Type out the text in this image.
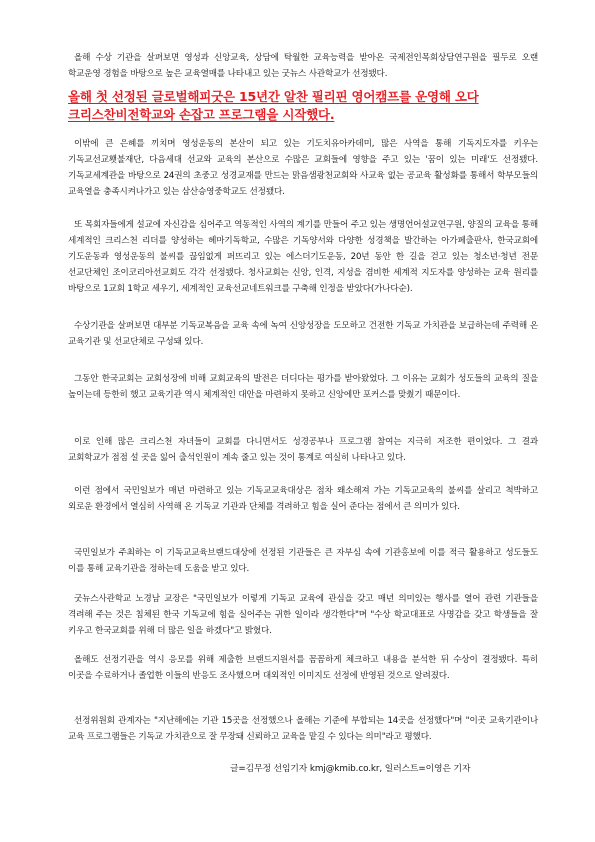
올해 수상 기관을 살펴보면 영성과 신앙교육, 상담에 탁월한 교육능력을 받아온 국제전인목회상담연구원을 필두로 오랜 학교운영 경험을 바탕으로 높은 교육열매를 나타내고 있는 굿뉴스 사관학교가 선정됐다.

올해 첫 선정된 글로벌해피굿은 15년간 알찬 필리핀 영어캠프를 운영해 오다 크리스찬비전학교와 손잡고 프로그램을 시작했다.

이밖에 큰 은혜를 끼치며 영성운동의 본산이 되고 있는 기도치유아카데미, 많은 사역을 통해 기독지도자를 키우는 기독교선교횃불재단, 다음세대 선교와 교육의 본산으로 수많은 교회들에 영향을 주고 있는 '꿈이 있는 미래'도 선정됐다. 기독교세계관을 바탕으로 24권의 초중고 성경교재를 만드는 맑음샘광천교회와 사교육 없는 공교육 활성화를 통해서 학부모들의 교육열을 충족시켜나가고 있는 삼산승영중학교도 선정됐다.

또 목회자들에게 설교에 자신감을 심어주고 역동적인 사역의 계기를 만들어 주고 있는 생명언어설교연구원, 양질의 교육을 통해 세계적인 크리스천 리더를 양성하는 헤마기독학교, 수많은 기독양서와 다양한 성경책을 발간하는 아가페출판사, 한국교회에 기도운동과 영성운동의 불씨를 끊임없게 퍼뜨리고 있는 에스더기도운동, 20년 동안 한 길을 걷고 있는 청소년·청년 전문 선교단체인 조이코리아선교회도 각각 선정됐다. 청사교회는 신앙, 인격, 지성을 겸비한 세계적 지도자를 양성하는 교육 원리를 바탕으로 1교회 1학교 세우기, 세계적인 교육선교네트워크를 구축해 인정을 받았다(가나다순).

수상기관을 살펴보면 대부분 기독교복음을 교육 속에 녹여 신앙성장을 도모하고 건전한 기독교 가치관을 보급하는데 주력해 온 교육기관 및 선교단체로 구성돼 있다.

그동안 한국교회는 교회성장에 비해 교회교육의 발전은 더디다는 평가를 받아왔었다. 그 이유는 교회가 성도들의 교육의 질을 높이는데 등한히 했고 교육기관 역시 체계적인 대안을 마련하지 못하고 신앙에만 포커스를 맞췄기 때문이다.

이로 인해 많은 크리스천 자녀들이 교회를 다니면서도 성경공부나 프로그램 참여는 지극히 저조한 편이었다. 그 결과 교회학교가 점점 설 곳을 잃어 출석인원이 계속 줄고 있는 것이 통계로 여실히 나타나고 있다.

이런 점에서 국민일보가 매년 마련하고 있는 기독교교육대상은 점차 왜소해져 가는 기독교교육의 불씨를 살리고 척박하고 외로운 환경에서 열심히 사역해 온 기독교 기관과 단체를 격려하고 힘을 실어 준다는 점에서 큰 의미가 있다.

국민일보가 주최하는 이 기독교교육브랜드대상에 선정된 기관들은 큰 자부심 속에 기관홍보에 이를 적극 활용하고 성도들도 이를 통해 교육기관을 정하는데 도움을 받고 있다.

굿뉴스사관학교 노경남 교장은 "국민일보가 이렇게 기독교 교육에 관심을 갖고 매년 의미있는 행사를 열어 관련 기관들을 격려해 주는 것은 침체된 한국 기독교에 힘을 실어주는 귀한 일이라 생각한다"며 "수상 학교대표로 사명감을 갖고 학생들을 잘 키우고 한국교회를 위해 더 많은 일을 하겠다"고 밝혔다.

올해도 선정기관을 역시 응모를 위해 제출한 브랜드지원서를 꼼꼼하게 체크하고 내용을 분석한 뒤 수상이 결정됐다. 특히 이곳을 수료하거나 졸업한 이들의 반응도 조사했으며 대외적인 이미지도 선정에 반영된 것으로 알려졌다.

선정위원회 관계자는 "지난해에는 기관 15곳을 선정했으나 올해는 기준에 부합되는 14곳을 선정했다"며 "이곳 교육기관이나 교육 프로그램들은 기독교 가치관으로 잘 무장돼 신뢰하고 교육을 맡길 수 있다는 의미"라고 평했다.

글=김무정 선임기자 kmj@kmib.co.kr, 일러스트=이영은 기자
